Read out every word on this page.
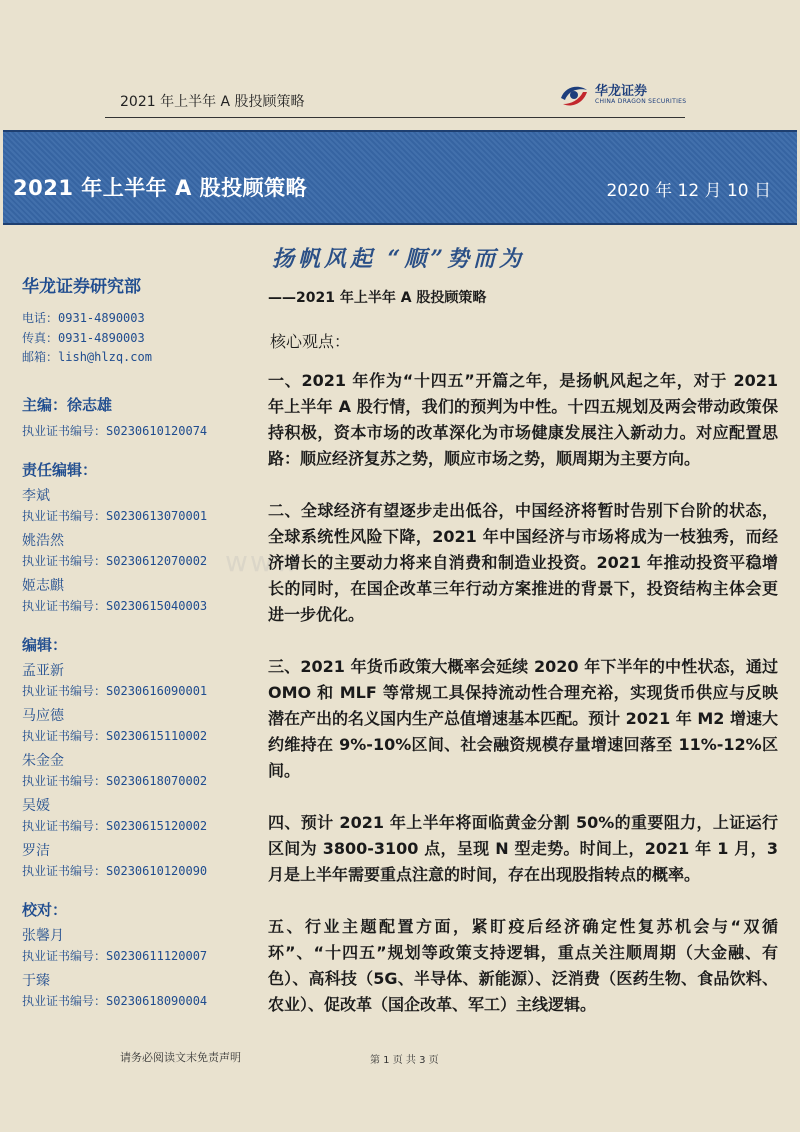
2021 年上半年 A 股投顾策略
华龙证券
CHINA DRAGON SECURITIES
2021 年上半年 A 股投顾策略	2020 年 12 月 10 日
www
华龙证券研究部
电话：0931-4890003
传真：0931-4890003
邮箱：lish@hlzq.com
主编：徐志雄
执业证书编号：S0230610120074
责任编辑：
李斌
执业证书编号：S0230613070001
姚浩然
执业证书编号：S0230612070002
姬志麒
执业证书编号：S0230615040003
编辑：
孟亚新
执业证书编号：S0230616090001
马应德
执业证书编号：S0230615110002
朱金金
执业证书编号：S0230618070002
吴媛
执业证书编号：S0230615120002
罗洁
执业证书编号：S0230610120090
校对：
张馨月
执业证书编号：S0230611120007
于臻
执业证书编号：S0230618090004
扬帆风起 “顺”势而为
——2021 年上半年 A 股投顾策略
核心观点：
一、2021 年作为“十四五”开篇之年，是扬帆风起之年，对于 2021 年上半年 A 股行情，我们的预判为中性。十四五规划及两会带动政策保持积极，资本市场的改革深化为市场健康发展注入新动力。对应配置思路：顺应经济复苏之势，顺应市场之势，顺周期为主要方向。
二、全球经济有望逐步走出低谷，中国经济将暂时告别下台阶的状态，全球系统性风险下降，2021 年中国经济与市场将成为一枝独秀，而经济增长的主要动力将来自消费和制造业投资。2021 年推动投资平稳增长的同时，在国企改革三年行动方案推进的背景下，投资结构主体会更进一步优化。
三、2021 年货币政策大概率会延续 2020 年下半年的中性状态，通过 OMO 和 MLF 等常规工具保持流动性合理充裕，实现货币供应与反映潜在产出的名义国内生产总值增速基本匹配。预计 2021 年 M2 增速大约维持在 9%-10%区间、社会融资规模存量增速回落至 11%-12%区间。
四、预计 2021 年上半年将面临黄金分割 50%的重要阻力，上证运行区间为 3800-3100 点，呈现 N 型走势。时间上，2021 年 1 月，3 月是上半年需要重点注意的时间，存在出现股指转点的概率。
五、行业主题配置方面，紧盯疫后经济确定性复苏机会与“双循环”、“十四五”规划等政策支持逻辑，重点关注顺周期（大金融、有色）、高科技（5G、半导体、新能源）、泛消费（医药生物、食品饮料、农业）、促改革（国企改革、军工）主线逻辑。
请务必阅读文末免责声明	第 1 页 共 3 页
